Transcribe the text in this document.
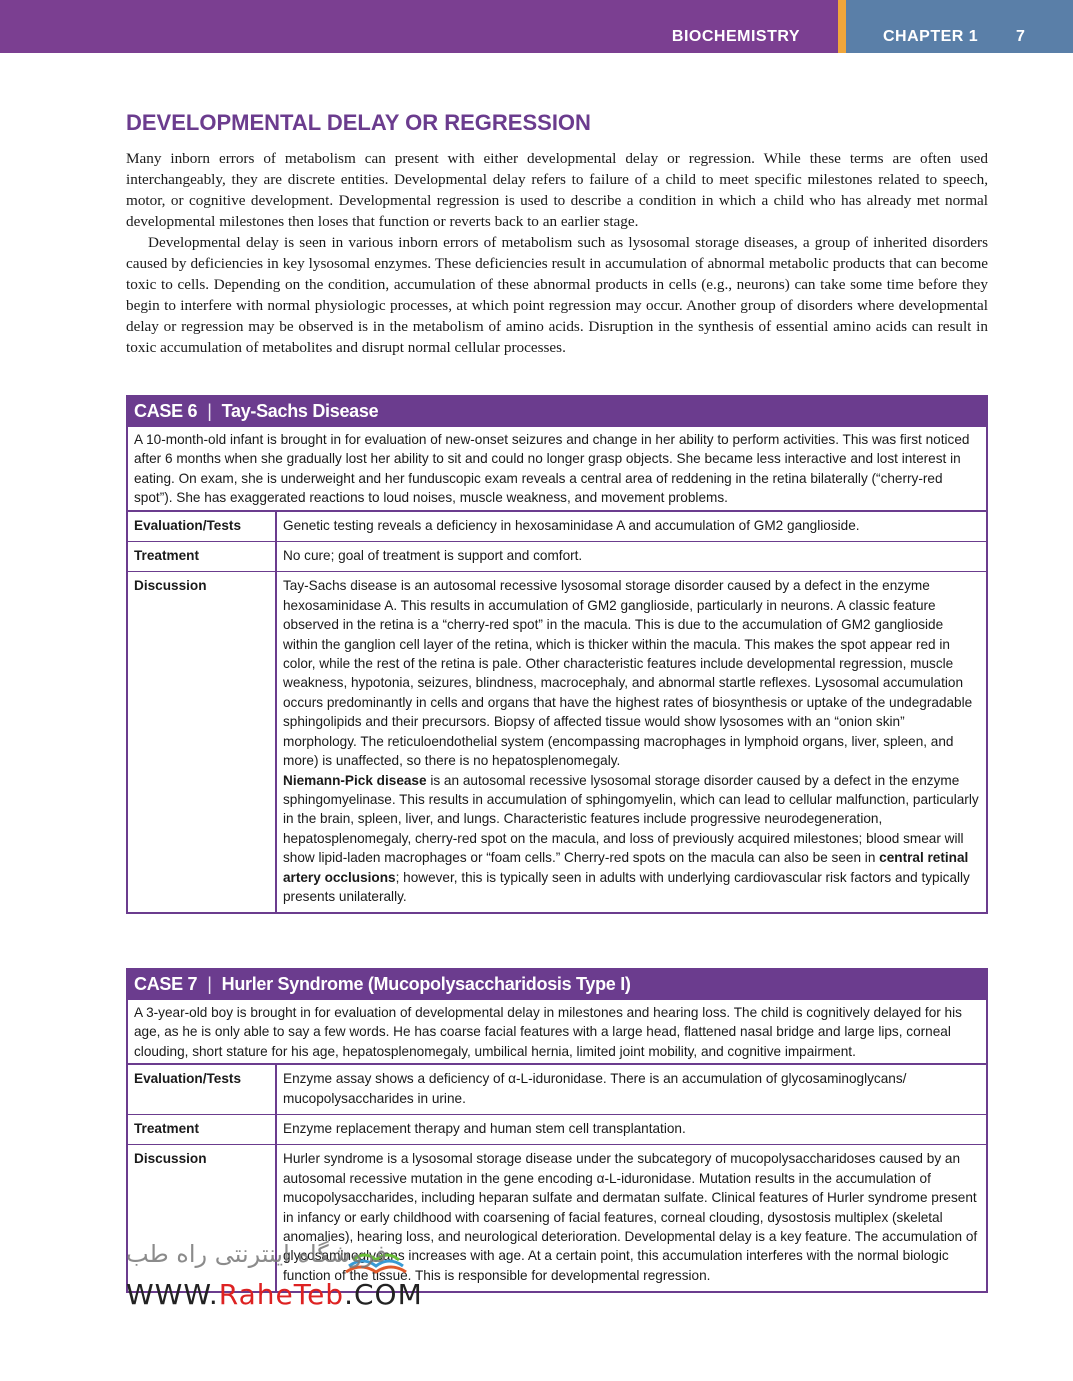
BIOCHEMISTRY	CHAPTER 1 7
DEVELOPMENTAL DELAY OR REGRESSION

Many inborn errors of metabolism can present with either developmental delay or regression. While these terms are often used interchangeably, they are discrete entities. Developmental delay refers to failure of a child to meet specific milestones related to speech, motor, or cognitive development. Developmental regression is used to describe a condition in which a child who has already met normal developmental milestones then loses that function or reverts back to an earlier stage.

Developmental delay is seen in various inborn errors of metabolism such as lysosomal storage diseases, a group of inherited disorders caused by deficiencies in key lysosomal enzymes. These deficiencies result in accumulation of abnormal metabolic products that can become toxic to cells. Depending on the condition, accumulation of these abnormal products in cells (e.g., neurons) can take some time before they begin to interfere with normal physiologic processes, at which point regression may occur. Another group of disorders where developmental delay or regression may be observed is in the metabolism of amino acids. Disruption in the synthesis of essential amino acids can result in toxic accumulation of metabolites and disrupt normal cellular processes.

CASE 6 | Tay-Sachs Disease
A 10-month-old infant is brought in for evaluation of new-onset seizures and change in her ability to perform activities. This was first noticed after 6 months when she gradually lost her ability to sit and could no longer grasp objects. She became less interactive and lost interest in eating. On exam, she is underweight and her funduscopic exam reveals a central area of reddening in the retina bilaterally (“cherry-red spot”). She has exaggerated reactions to loud noises, muscle weakness, and movement problems.
Evaluation/Tests	Genetic testing reveals a deficiency in hexosaminidase A and accumulation of GM2 ganglioside.
Treatment	No cure; goal of treatment is support and comfort.
Discussion	Tay-Sachs disease is an autosomal recessive lysosomal storage disorder caused by a defect in the enzyme hexosaminidase A. This results in accumulation of GM2 ganglioside, particularly in neurons. A classic feature observed in the retina is a “cherry-red spot” in the macula. This is due to the accumulation of GM2 ganglioside within the ganglion cell layer of the retina, which is thicker within the macula. This makes the spot appear red in color, while the rest of the retina is pale. Other characteristic features include developmental regression, muscle weakness, hypotonia, seizures, blindness, macrocephaly, and abnormal startle reflexes. Lysosomal accumulation occurs predominantly in cells and organs that have the highest rates of biosynthesis or uptake of the undegradable sphingolipids and their precursors. Biopsy of affected tissue would show lysosomes with an “onion skin” morphology. The reticuloendothelial system (encompassing macrophages in lymphoid organs, liver, spleen, and more) is unaffected, so there is no hepatosplenomegaly.

Niemann-Pick disease is an autosomal recessive lysosomal storage disorder caused by a defect in the enzyme sphingomyelinase. This results in accumulation of sphingomyelin, which can lead to cellular malfunction, particularly in the brain, spleen, liver, and lungs. Characteristic features include progressive neurodegeneration, hepatosplenomegaly, cherry-red spot on the macula, and loss of previously acquired milestones; blood smear will show lipid-laden macrophages or “foam cells.” Cherry-red spots on the macula can also be seen in central retinal artery occlusions; however, this is typically seen in adults with underlying cardiovascular risk factors and typically presents unilaterally.

CASE 7 | Hurler Syndrome (Mucopolysaccharidosis Type I)
A 3-year-old boy is brought in for evaluation of developmental delay in milestones and hearing loss. The child is cognitively delayed for his age, as he is only able to say a few words. He has coarse facial features with a large head, flattened nasal bridge and large lips, corneal clouding, short stature for his age, hepatosplenomegaly, umbilical hernia, limited joint mobility, and cognitive impairment.
Evaluation/Tests	Enzyme assay shows a deficiency of α-L-iduronidase. There is an accumulation of glycosaminoglycans/ mucopolysaccharides in urine.
Treatment	Enzyme replacement therapy and human stem cell transplantation.
Discussion	Hurler syndrome is a lysosomal storage disease under the subcategory of mucopolysaccharidoses caused by an autosomal recessive mutation in the gene encoding α-L-iduronidase. Mutation results in the accumulation of mucopolysaccharides, including heparan sulfate and dermatan sulfate. Clinical features of Hurler syndrome present in infancy or early childhood with coarsening of facial features, corneal clouding, dysostosis multiplex (skeletal anomalies), hearing loss, and neurological deterioration. Developmental delay is a key feature. The accumulation of glycosaminoglycans increases with age. At a certain point, this accumulation interferes with the normal biologic function of the tissue. This is responsible for developmental regression.
فروشگاه اینترنتی راه طب
WWW.RaheTeb.COM
